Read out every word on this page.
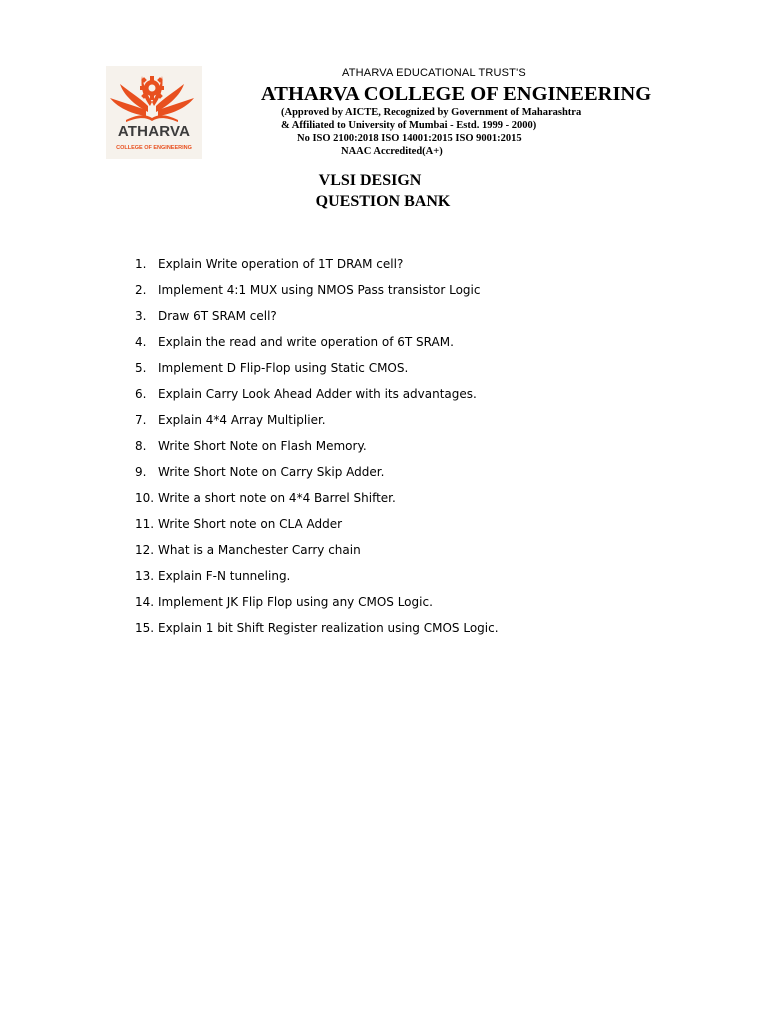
ATHARVA
COLLEGE OF ENGINEERING
ATHARVA EDUCATIONAL TRUST'S
ATHARVA COLLEGE OF ENGINEERING
(Approved by AICTE, Recognized by Government of Maharashtra
& Affiliated to University of Mumbai - Estd. 1999 - 2000)
No ISO 2100:2018 ISO 14001:2015 ISO 9001:2015
NAAC Accredited(A+)
VLSI DESIGN
QUESTION BANK
1. Explain Write operation of 1T DRAM cell?
2. Implement 4:1 MUX using NMOS Pass transistor Logic
3. Draw 6T SRAM cell?
4. Explain the read and write operation of 6T SRAM.
5. Implement D Flip-Flop using Static CMOS.
6. Explain Carry Look Ahead Adder with its advantages.
7. Explain 4*4 Array Multiplier.
8. Write Short Note on Flash Memory.
9. Write Short Note on Carry Skip Adder.
10. Write a short note on 4*4 Barrel Shifter.
11. Write Short note on CLA Adder
12. What is a Manchester Carry chain
13.Explain F-N tunneling.
14. Implement JK Flip Flop using any CMOS Logic.
15. Explain 1 bit Shift Register realization using CMOS Logic.
